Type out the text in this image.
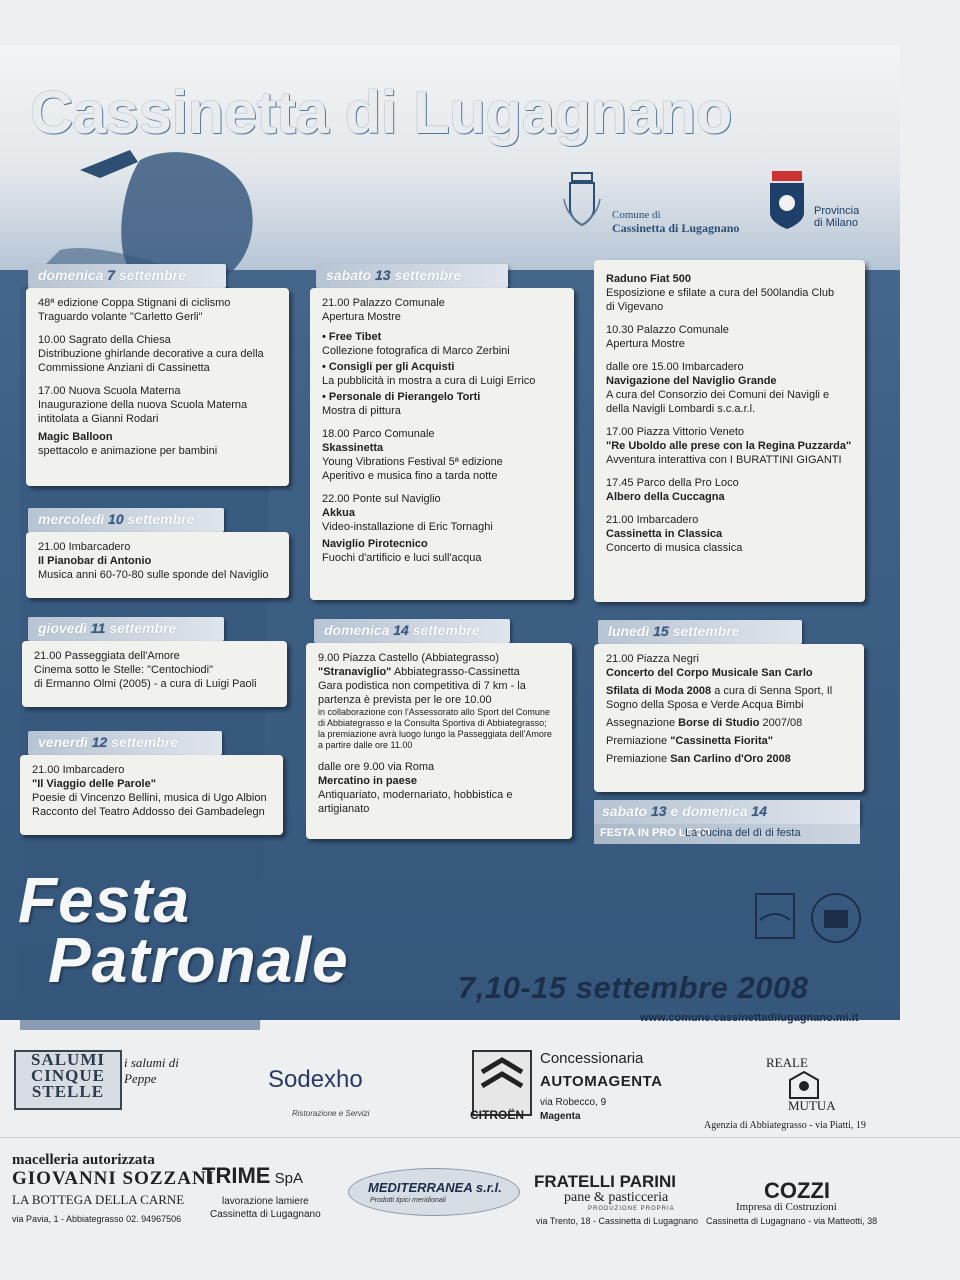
Cassinetta di Lugagnano
Comune di
Cassinetta di Lugagnano
Provincia
di Milano
domenica 7 settembre

48ª edizione Coppa Stignani di ciclismo

Traguardo volante "Carletto Gerli"

10.00 Sagrato della Chiesa

Distribuzione ghirlande decorative a cura della

Commissione Anziani di Cassinetta

17.00 Nuova Scuola Materna

Inaugurazione della nuova Scuola Materna

intitolata a Gianni Rodari

Magic Balloon

spettacolo e animazione per bambini

mercoledì 10 settembre

21.00 Imbarcadero

Il Pianobar di Antonio

Musica anni 60-70-80 sulle sponde del Naviglio

giovedì 11 settembre

21.00 Passeggiata dell'Amore

Cinema sotto le Stelle: "Centochiodi"

di Ermanno Olmi (2005) - a cura di Luigi Paoli

venerdì 12 settembre

21.00 Imbarcadero

"Il Viaggio delle Parole"

Poesie di Vincenzo Bellini, musica di Ugo Albion

Racconto del Teatro Addosso dei Gambadelegn

sabato 13 settembre

21.00 Palazzo Comunale

Apertura Mostre

• Free Tibet

Collezione fotografica di Marco Zerbini

• Consigli per gli Acquisti

La pubblicità in mostra a cura di Luigi Errico

• Personale di Pierangelo Torti

Mostra di pittura

18.00 Parco Comunale

Skassinetta

Young Vibrations Festival 5ª edizione

Aperitivo e musica fino a tarda notte

22.00 Ponte sul Naviglio

Akkua

Video-installazione di Eric Tornaghi

Naviglio Pirotecnico

Fuochi d'artificio e luci sull'acqua

domenica 14 settembre

9.00 Piazza Castello (Abbiategrasso)

"Stranaviglio" Abbiategrasso-Cassinetta

Gara podistica non competitiva di 7 km - la

partenza è prevista per le ore 10.00

in collaborazione con l'Assessorato allo Sport del Comune

di Abbiategrasso e la Consulta Sportiva di Abbiategrasso;

la premiazione avrà luogo lungo la Passeggiata dell'Amore

a partire dalle ore 11.00

dalle ore 9.00 via Roma

Mercatino in paese

Antiquariato, modernariato, hobbistica e

artigianato

Raduno Fiat 500

Esposizione e sfilate a cura del 500landia Club

di Vigevano

10.30 Palazzo Comunale

Apertura Mostre

dalle ore 15.00 Imbarcadero

Navigazione del Naviglio Grande

A cura del Consorzio dei Comuni dei Navigli e

della Navigli Lombardi s.c.a.r.l.

17.00 Piazza Vittorio Veneto

"Re Uboldo alle prese con la Regina Puzzarda"

Avventura interattiva con I BURATTINI GIGANTI

17.45 Parco della Pro Loco

Albero della Cuccagna

21.00 Imbarcadero

Cassinetta in Classica

Concerto di musica classica

lunedì 15 settembre

21.00 Piazza Negri

Concerto del Corpo Musicale San Carlo

Sfilata di Moda 2008 a cura di Senna Sport, Il

Sogno della Sposa e Verde Acqua Bimbi

Assegnazione Borse di Studio 2007/08

Premiazione "Cassinetta Fiorita"

Premiazione San Carlino d'Oro 2008

sabato 13 e domenica 14
FESTA IN PRO LOCO
La cucina del dì di festa
Festa
Patronale	7,10-15 settembre 2008
www.comune.cassinettadilugagnano.mi.it
SALUMI
CINQUE
STELLE
i salumi di Peppe	Sodexho
Ristorazione e Servizi	CITROËN
Concessionaria
AUTOMAGENTA
via Robecco, 9
Magenta
REALE
MUTUA
Agenzia di Abbiategrasso - via Piatti, 19
macelleria autorizzata
GIOVANNI SOZZANI
LA BOTTEGA DELLA CARNE
via Pavia, 1 - Abbiategrasso 02. 94967506
TRIME SpA
lavorazione lamiere
Cassinetta di Lugagnano
MEDITERRANEA s.r.l.
Prodotti tipici meridionali
FRATELLI PARINI
pane & pasticceria
PRODUZIONE PROPRIA
via Trento, 18 - Cassinetta di Lugagnano
COZZI
Impresa di Costruzioni
Cassinetta di Lugagnano - via Matteotti, 38
